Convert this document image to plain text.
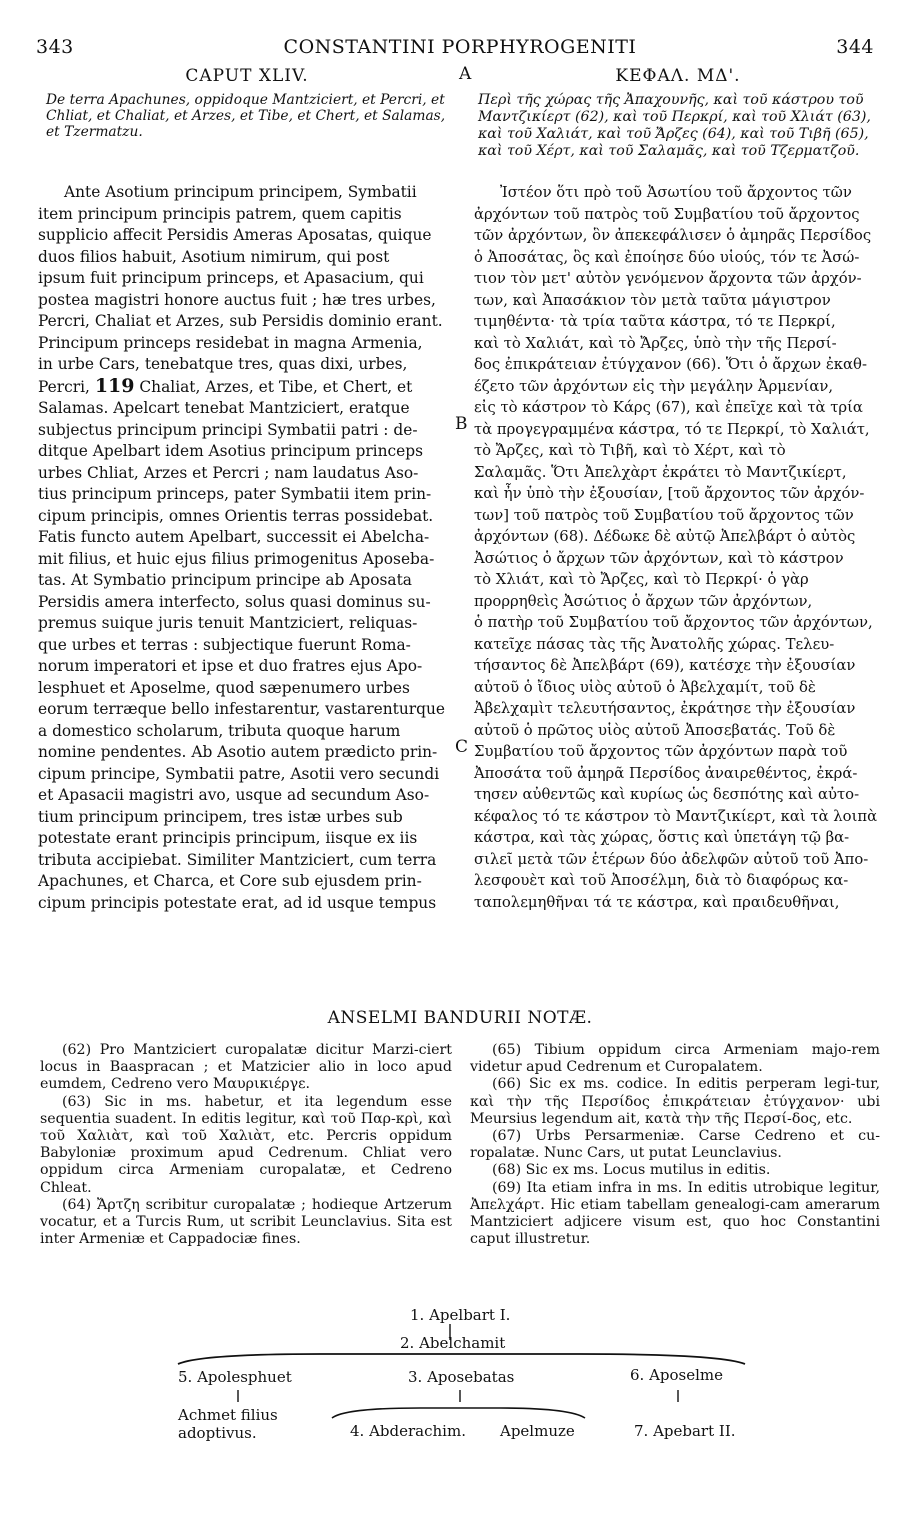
343	CONSTANTINI PORPHYROGENITI	344
CAPUT XLIV.
De terra Apachunes, oppidoque Mantziciert, et Percri, et Chliat, et Chaliat, et Arzes, et Tibe, et Chert, et Salamas, et Tzermatzu.

Ante Asotium principum principem, Symbatii

item principum principis patrem, quem capitis

supplicio affecit Persidis Ameras Aposatas, quique

duos filios habuit, Asotium nimirum, qui post

ipsum fuit principum princeps, et Apasacium, qui

postea magistri honore auctus fuit ; hæ tres urbes,

Percri, Chaliat et Arzes, sub Persidis dominio erant.

Principum princeps residebat in magna Armenia,

in urbe Cars, tenebatque tres, quas dixi, urbes,

Percri, 119 Chaliat, Arzes, et Tibe, et Chert, et

Salamas. Apelcart tenebat Mantziciert, eratque

subjectus principum principi Symbatii patri : de-

ditque Apelbart idem Asotius principum princeps

urbes Chliat, Arzes et Percri ; nam laudatus Aso-

tius principum princeps, pater Symbatii item prin-

cipum principis, omnes Orientis terras possidebat.

Fatis functo autem Apelbart, successit ei Abelcha-

mit filius, et huic ejus filius primogenitus Aposeba-

tas. At Symbatio principum principe ab Aposata

Persidis amera interfecto, solus quasi dominus su-

premus suique juris tenuit Mantziciert, reliquas-

que urbes et terras : subjectique fuerunt Roma-

norum imperatori et ipse et duo fratres ejus Apo-

lesphuet et Aposelme, quod sæpenumero urbes

eorum terræque bello infestarentur, vastarenturque

a domestico scholarum, tributa quoque harum

nomine pendentes. Ab Asotio autem prædicto prin-

cipum principe, Symbatii patre, Asotii vero secundi

et Apasacii magistri avo, usque ad secundum Aso-

tium principum principem, tres istæ urbes sub

potestate erant principis principum, iisque ex iis

tributa accipiebat. Similiter Mantziciert, cum terra

Apachunes, et Charca, et Core sub ejusdem prin-

cipum principis potestate erat, ad id usque tempus

A
B
C
ΚΕΦΑΛ. ΜΔ'.
Περὶ τῆς χώρας τῆς Ἀπαχουνῆς, καὶ τοῦ κάστρου τοῦ Μαντζικίερτ (62), καὶ τοῦ Περκρί, καὶ τοῦ Χλιάτ (63), καὶ τοῦ Χαλιάτ, καὶ τοῦ Ἄρζες (64), καὶ τοῦ Τιβῆ (65), καὶ τοῦ Χέρτ, καὶ τοῦ Σαλαμᾶς, καὶ τοῦ Τζερματζοῦ.

Ἰστέον ὅτι πρὸ τοῦ Ἀσωτίου τοῦ ἄρχοντος τῶν

ἀρχόντων τοῦ πατρὸς τοῦ Συμβατίου τοῦ ἄρχοντος

τῶν ἀρχόντων, ὃν ἀπεκεφάλισεν ὁ ἀμηρᾶς Περσίδος

ὁ Ἀποσάτας, ὃς καὶ ἐποίησε δύο υἱούς, τόν τε Ἀσώ-

τιον τὸν μετ' αὐτὸν γενόμενον ἄρχοντα τῶν ἀρχόν-

των, καὶ Ἀπασάκιον τὸν μετὰ ταῦτα μάγιστρον

τιμηθέντα· τὰ τρία ταῦτα κάστρα, τό τε Περκρί,

καὶ τὸ Χαλιάτ, καὶ τὸ Ἄρζες, ὑπὸ τὴν τῆς Περσί-

δος ἐπικράτειαν ἐτύγχανον (66). Ὅτι ὁ ἄρχων ἐκαθ-

έζετο τῶν ἀρχόντων εἰς τὴν μεγάλην Ἀρμενίαν,

εἰς τὸ κάστρον τὸ Κάρς (67), καὶ ἐπεῖχε καὶ τὰ τρία

τὰ προγεγραμμένα κάστρα, τό τε Περκρί, τὸ Χαλιάτ,

τὸ Ἄρζες, καὶ τὸ Τιβῆ, καὶ τὸ Χέρτ, καὶ τὸ

Σαλαμᾶς. Ὅτι Ἀπελχὰρτ ἐκράτει τὸ Μαντζικίερτ,

καὶ ἦν ὑπὸ τὴν ἐξουσίαν, [τοῦ ἄρχοντος τῶν ἀρχόν-

των] τοῦ πατρὸς τοῦ Συμβατίου τοῦ ἄρχοντος τῶν

ἀρχόντων (68). Δέδωκε δὲ αὐτῷ Ἀπελβάρτ ὁ αὐτὸς

Ἀσώτιος ὁ ἄρχων τῶν ἀρχόντων, καὶ τὸ κάστρον

τὸ Χλιάτ, καὶ τὸ Ἄρζες, καὶ τὸ Περκρί· ὁ γὰρ

προρρηθεὶς Ἀσώτιος ὁ ἄρχων τῶν ἀρχόντων,

ὁ πατὴρ τοῦ Συμβατίου τοῦ ἄρχοντος τῶν ἀρχόντων,

κατεῖχε πάσας τὰς τῆς Ἀνατολῆς χώρας. Τελευ-

τήσαντος δὲ Ἀπελβάρτ (69), κατέσχε τὴν ἐξουσίαν

αὐτοῦ ὁ ἴδιος υἱὸς αὐτοῦ ὁ Ἀβελχαμίτ, τοῦ δὲ

Ἀβελχαμὶτ τελευτήσαντος, ἐκράτησε τὴν ἐξουσίαν

αὐτοῦ ὁ πρῶτος υἱὸς αὐτοῦ Ἀποσεβατάς. Τοῦ δὲ

Συμβατίου τοῦ ἄρχοντος τῶν ἀρχόντων παρὰ τοῦ

Ἀποσάτα τοῦ ἀμηρᾶ Περσίδος ἀναιρεθέντος, ἐκρά-

τησεν αὐθεντῶς καὶ κυρίως ὡς δεσπότης καὶ αὐτο-

κέφαλος τό τε κάστρον τὸ Μαντζικίερτ, καὶ τὰ λοιπὰ

κάστρα, καὶ τὰς χώρας, ὅστις καὶ ὑπετάγη τῷ βα-

σιλεῖ μετὰ τῶν ἑτέρων δύο ἀδελφῶν αὐτοῦ τοῦ Ἀπο-

λεσφουὲτ καὶ τοῦ Ἀποσέλμη, διὰ τὸ διαφόρως κα-

ταπολεμηθῆναι τά τε κάστρα, καὶ πραιδευθῆναι,

ANSELMI BANDURII NOTÆ.

(62) Pro Mantziciert curopalatæ dicitur Marzi-ciert locus in Baaspracan ; et Matzicier alio in loco apud eumdem, Cedreno vero Μαυρικιέργε.

(63) Sic in ms. habetur, et ita legendum esse sequentia suadent. In editis legitur, καὶ τοῦ Παρ-κρὶ, καὶ τοῦ Χαλιὰτ, καὶ τοῦ Χαλιὰτ, etc. Percris oppidum Babyloniæ proximum apud Cedrenum. Chliat vero oppidum circa Armeniam curopalatæ, et Cedreno Chleat.

(64) Ἄρτζη scribitur curopalatæ ; hodieque Artzerum vocatur, et a Turcis Rum, ut scribit Leunclavius. Sita est inter Armeniæ et Cappadociæ fines.

(65) Tibium oppidum circa Armeniam majo-rem videtur apud Cedrenum et Curopalatem.

(66) Sic ex ms. codice. In editis perperam legi-tur, καὶ τὴν τῆς Περσίδος ἐπικράτειαν ἐτύγχανον· ubi Meursius legendum ait, κατὰ τὴν τῆς Περσί-δος, etc.

(67) Urbs Persarmeniæ. Carse Cedreno et cu-ropalatæ. Nunc Cars, ut putat Leunclavius.

(68) Sic ex ms. Locus mutilus in editis.

(69) Ita etiam infra in ms. In editis utrobique legitur, Ἀπελχάρτ. Hic etiam tabellam genealogi-cam amerarum Mantziciert adjicere visum est, quo hoc Constantini caput illustretur.

1. Apelbart I.
2. Abelchamit
5. Apolesphuet	3. Aposebatas	6. Aposelme
Achmet filius
adoptivus.	4. Abderachim. Apelmuze	7. Apebart II.
